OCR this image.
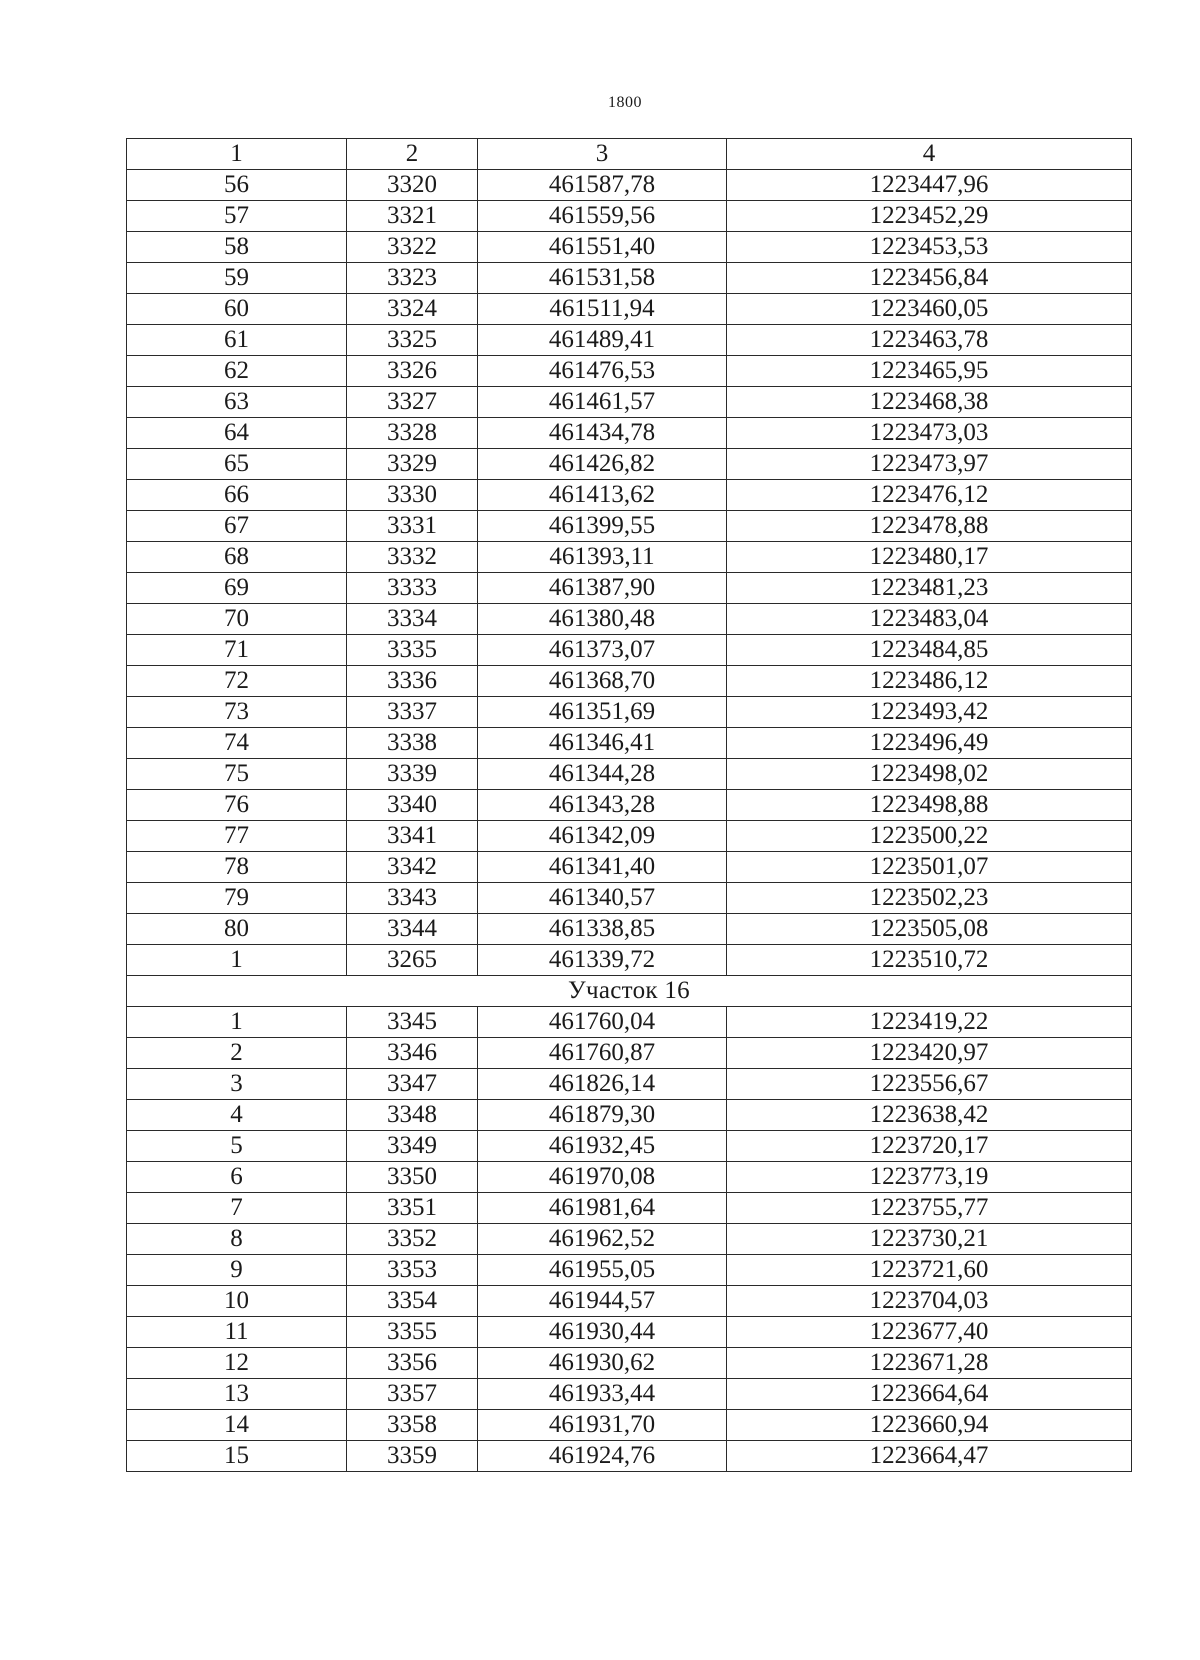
1800
1	2	3	4
56	3320	461587,78	1223447,96
57	3321	461559,56	1223452,29
58	3322	461551,40	1223453,53
59	3323	461531,58	1223456,84
60	3324	461511,94	1223460,05
61	3325	461489,41	1223463,78
62	3326	461476,53	1223465,95
63	3327	461461,57	1223468,38
64	3328	461434,78	1223473,03
65	3329	461426,82	1223473,97
66	3330	461413,62	1223476,12
67	3331	461399,55	1223478,88
68	3332	461393,11	1223480,17
69	3333	461387,90	1223481,23
70	3334	461380,48	1223483,04
71	3335	461373,07	1223484,85
72	3336	461368,70	1223486,12
73	3337	461351,69	1223493,42
74	3338	461346,41	1223496,49
75	3339	461344,28	1223498,02
76	3340	461343,28	1223498,88
77	3341	461342,09	1223500,22
78	3342	461341,40	1223501,07
79	3343	461340,57	1223502,23
80	3344	461338,85	1223505,08
1	3265	461339,72	1223510,72
Участок 16			
1	3345	461760,04	1223419,22
2	3346	461760,87	1223420,97
3	3347	461826,14	1223556,67
4	3348	461879,30	1223638,42
5	3349	461932,45	1223720,17
6	3350	461970,08	1223773,19
7	3351	461981,64	1223755,77
8	3352	461962,52	1223730,21
9	3353	461955,05	1223721,60
10	3354	461944,57	1223704,03
11	3355	461930,44	1223677,40
12	3356	461930,62	1223671,28
13	3357	461933,44	1223664,64
14	3358	461931,70	1223660,94
15	3359	461924,76	1223664,47
